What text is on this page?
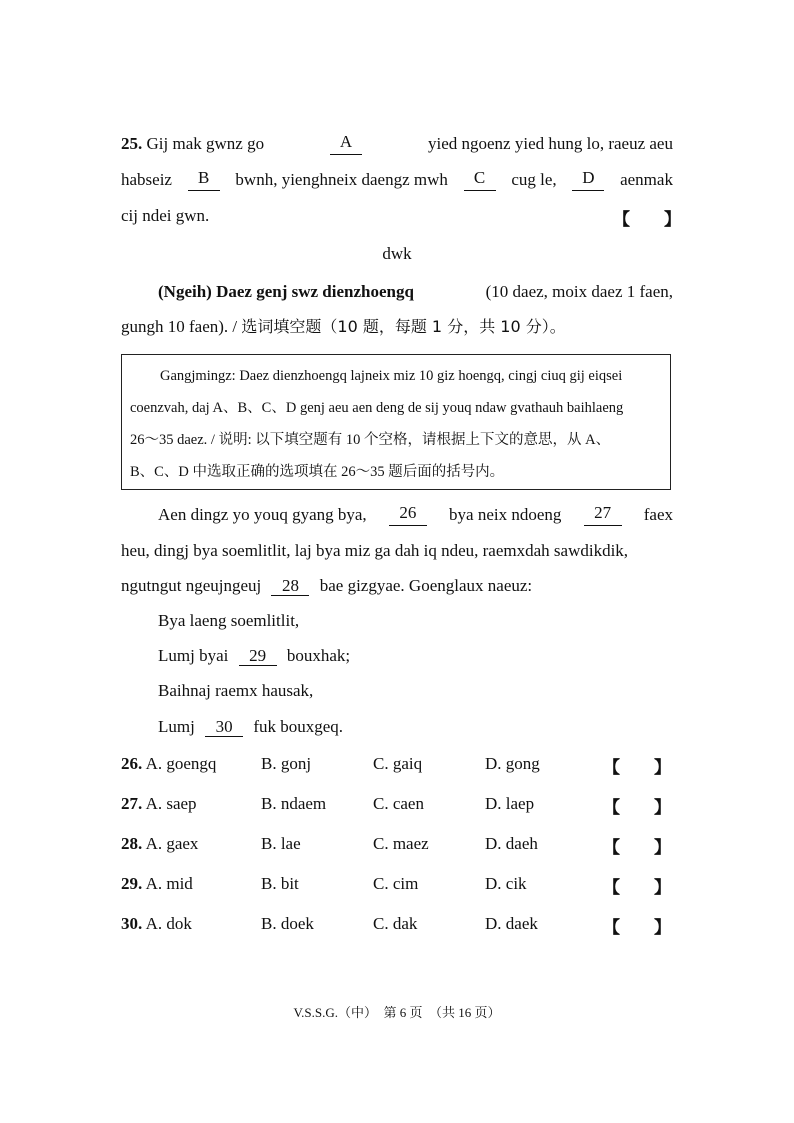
25. Gij mak gwnz go	A	yied ngoenz yied hung lo, raeuz aeu
habseiz	B	bwnh, yienghneix daengz mwh	C	cug le,	D	aenmak
cij ndei gwn.	【　　】
dwk
(Ngeih) Daez genj swz dienzhoengq	(10 daez, moix daez 1 faen,
gungh 10 faen). / 选词填空题（10 题，每题 1 分，共 10 分）。

Gangjmingz: Daez dienzhoengq lajneix miz 10 giz hoengq, cingj ciuq gij eiqsei

coenzvah, daj A、B、C、D genj aeu aen deng de sij youq ndaw gvathauh baihlaeng

26～35 daez. / 说明: 以下填空题有 10 个空格，请根据上下文的意思，从 A、

B、C、D 中选取正确的选项填在 26～35 题后面的括号内。

Aen dingz yo youq gyang bya,	26	bya neix ndoeng	27	faex
heu, dingj bya soemlitlit, laj bya miz ga dah iq ndeu, raemxdah sawdikdik,
ngutngut ngeujngeuj 28 bae gizgyae. Goenglaux naeuz:
Bya laeng soemlitlit,
Lumj byai 29 bouxhak;
Baihnaj raemx hausak,
Lumj 30 fuk bouxgeq.
26. A. goengq	B. gonj	C. gaiq	D. gong	【　　】
27. A. saep	B. ndaem	C. caen	D. laep	【　　】
28. A. gaex	B. lae	C. maez	D. daeh	【　　】
29. A. mid	B. bit	C. cim	D. cik	【　　】
30. A. dok	B. doek	C. dak	D. daek	【　　】
V.S.S.G.（中）　第 6 页　（共 16 页）
